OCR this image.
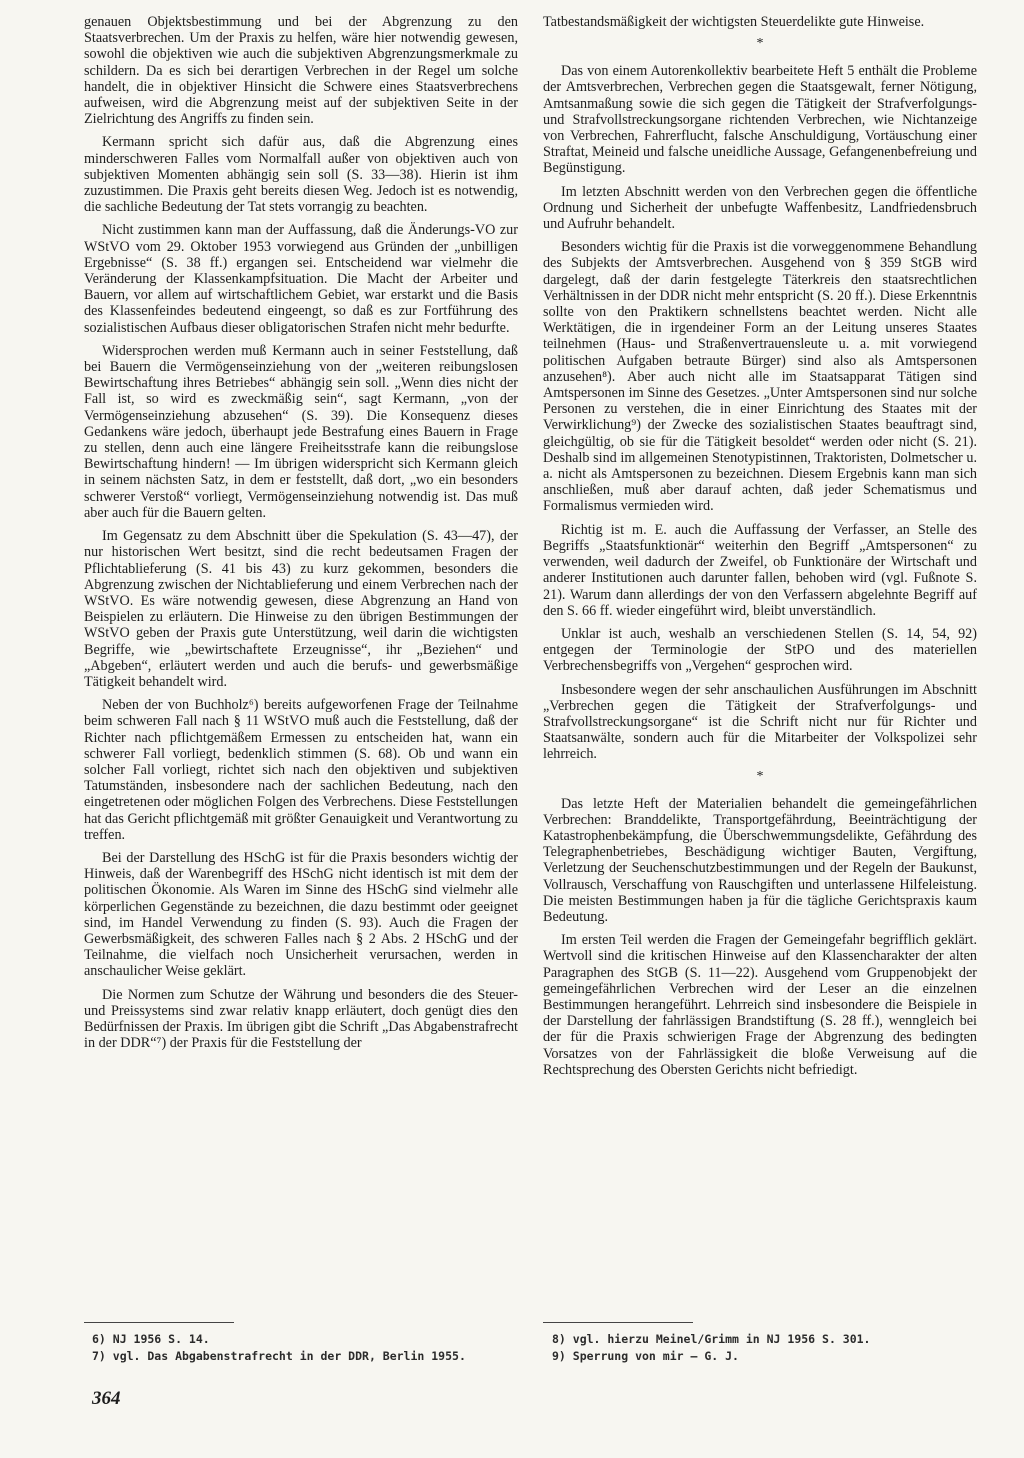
genauen Objektsbestimmung und bei der Abgrenzung zu den Staatsverbrechen. Um der Praxis zu helfen, wäre hier notwendig gewesen, sowohl die objektiven wie auch die subjektiven Abgrenzungsmerkmale zu schildern. Da es sich bei derartigen Verbrechen in der Regel um solche handelt, die in objektiver Hinsicht die Schwere eines Staatsverbrechens aufweisen, wird die Abgrenzung meist auf der subjektiven Seite in der Zielrichtung des Angriffs zu finden sein.

Kermann spricht sich dafür aus, daß die Abgrenzung eines minderschweren Falles vom Normalfall außer von objektiven auch von subjektiven Momenten abhängig sein soll (S. 33—38). Hierin ist ihm zuzustimmen. Die Praxis geht bereits diesen Weg. Jedoch ist es notwendig, die sachliche Bedeutung der Tat stets vorrangig zu beachten.

Nicht zustimmen kann man der Auffassung, daß die Änderungs-VO zur WStVO vom 29. Oktober 1953 vorwiegend aus Gründen der „unbilligen Ergebnisse“ (S. 38 ff.) ergangen sei. Entscheidend war vielmehr die Veränderung der Klassenkampfsituation. Die Macht der Arbeiter und Bauern, vor allem auf wirtschaftlichem Gebiet, war erstarkt und die Basis des Klassenfeindes bedeutend eingeengt, so daß es zur Fortführung des sozialistischen Aufbaus dieser obligatorischen Strafen nicht mehr bedurfte.

Widersprochen werden muß Kermann auch in seiner Feststellung, daß bei Bauern die Vermögenseinziehung von der „weiteren reibungslosen Bewirtschaftung ihres Betriebes“ abhängig sein soll. „Wenn dies nicht der Fall ist, so wird es zweckmäßig sein“, sagt Kermann, „von der Vermögenseinziehung abzusehen“ (S. 39). Die Konsequenz dieses Gedankens wäre jedoch, überhaupt jede Bestrafung eines Bauern in Frage zu stellen, denn auch eine längere Freiheitsstrafe kann die reibungslose Bewirtschaftung hindern! — Im übrigen widerspricht sich Kermann gleich in seinem nächsten Satz, in dem er feststellt, daß dort, „wo ein besonders schwerer Verstoß“ vorliegt, Vermögenseinziehung notwendig ist. Das muß aber auch für die Bauern gelten.

Im Gegensatz zu dem Abschnitt über die Spekulation (S. 43—47), der nur historischen Wert besitzt, sind die recht bedeutsamen Fragen der Pflichtablieferung (S. 41 bis 43) zu kurz gekommen, besonders die Abgrenzung zwischen der Nichtablieferung und einem Verbrechen nach der WStVO. Es wäre notwendig gewesen, diese Abgrenzung an Hand von Beispielen zu erläutern. Die Hinweise zu den übrigen Bestimmungen der WStVO geben der Praxis gute Unterstützung, weil darin die wichtigsten Begriffe, wie „bewirtschaftete Erzeugnisse“, ihr „Beziehen“ und „Abgeben“, erläutert werden und auch die berufs- und gewerbsmäßige Tätigkeit behandelt wird.

Neben der von Buchholz⁶) bereits aufgeworfenen Frage der Teilnahme beim schweren Fall nach § 11 WStVO muß auch die Feststellung, daß der Richter nach pflichtgemäßem Ermessen zu entscheiden hat, wann ein schwerer Fall vorliegt, bedenklich stimmen (S. 68). Ob und wann ein solcher Fall vorliegt, richtet sich nach den objektiven und subjektiven Tatumständen, insbesondere nach der sachlichen Bedeutung, nach den eingetretenen oder möglichen Folgen des Verbrechens. Diese Feststellungen hat das Gericht pflichtgemäß mit größter Genauigkeit und Verantwortung zu treffen.

Bei der Darstellung des HSchG ist für die Praxis besonders wichtig der Hinweis, daß der Warenbegriff des HSchG nicht identisch ist mit dem der politischen Ökonomie. Als Waren im Sinne des HSchG sind vielmehr alle körperlichen Gegenstände zu bezeichnen, die dazu bestimmt oder geeignet sind, im Handel Verwendung zu finden (S. 93). Auch die Fragen der Gewerbsmäßigkeit, des schweren Falles nach § 2 Abs. 2 HSchG und der Teilnahme, die vielfach noch Unsicherheit verursachen, werden in anschaulicher Weise geklärt.

Die Normen zum Schutze der Währung und besonders die des Steuer- und Preissystems sind zwar relativ knapp erläutert, doch genügt dies den Bedürfnissen der Praxis. Im übrigen gibt die Schrift „Das Abgabenstrafrecht in der DDR“⁷) der Praxis für die Feststellung der

Tatbestandsmäßigkeit der wichtigsten Steuerdelikte gute Hinweise.

*

Das von einem Autorenkollektiv bearbeitete Heft 5 enthält die Probleme der Amtsverbrechen, Verbrechen gegen die Staatsgewalt, ferner Nötigung, Amtsanmaßung sowie die sich gegen die Tätigkeit der Strafverfolgungs- und Strafvollstreckungsorgane richtenden Verbrechen, wie Nichtanzeige von Verbrechen, Fahrerflucht, falsche Anschuldigung, Vortäuschung einer Straftat, Meineid und falsche uneidliche Aussage, Gefangenenbefreiung und Begünstigung.

Im letzten Abschnitt werden von den Verbrechen gegen die öffentliche Ordnung und Sicherheit der unbefugte Waffenbesitz, Landfriedensbruch und Aufruhr behandelt.

Besonders wichtig für die Praxis ist die vorweggenommene Behandlung des Subjekts der Amtsverbrechen. Ausgehend von § 359 StGB wird dargelegt, daß der darin festgelegte Täterkreis den staatsrechtlichen Verhältnissen in der DDR nicht mehr entspricht (S. 20 ff.). Diese Erkenntnis sollte von den Praktikern schnellstens beachtet werden. Nicht alle Werktätigen, die in irgendeiner Form an der Leitung unseres Staates teilnehmen (Haus- und Straßenvertrauensleute u. a. mit vorwiegend politischen Aufgaben betraute Bürger) sind also als Amtspersonen anzusehen⁸). Aber auch nicht alle im Staatsapparat Tätigen sind Amtspersonen im Sinne des Gesetzes. „Unter Amtspersonen sind nur solche Personen zu verstehen, die in einer Einrichtung des Staates mit der Verwirklichung⁹) der Zwecke des sozialistischen Staates beauftragt sind, gleichgültig, ob sie für die Tätigkeit besoldet“ werden oder nicht (S. 21). Deshalb sind im allgemeinen Stenotypistinnen, Traktoristen, Dolmetscher u. a. nicht als Amtspersonen zu bezeichnen. Diesem Ergebnis kann man sich anschließen, muß aber darauf achten, daß jeder Schematismus und Formalismus vermieden wird.

Richtig ist m. E. auch die Auffassung der Verfasser, an Stelle des Begriffs „Staatsfunktionär“ weiterhin den Begriff „Amtspersonen“ zu verwenden, weil dadurch der Zweifel, ob Funktionäre der Wirtschaft und anderer Institutionen auch darunter fallen, behoben wird (vgl. Fußnote S. 21). Warum dann allerdings der von den Verfassern abgelehnte Begriff auf den S. 66 ff. wieder eingeführt wird, bleibt unverständlich.

Unklar ist auch, weshalb an verschiedenen Stellen (S. 14, 54, 92) entgegen der Terminologie der StPO und des materiellen Verbrechensbegriffs von „Vergehen“ gesprochen wird.

Insbesondere wegen der sehr anschaulichen Ausführungen im Abschnitt „Verbrechen gegen die Tätigkeit der Strafverfolgungs- und Strafvollstreckungsorgane“ ist die Schrift nicht nur für Richter und Staatsanwälte, sondern auch für die Mitarbeiter der Volkspolizei sehr lehrreich.

*

Das letzte Heft der Materialien behandelt die gemeingefährlichen Verbrechen: Branddelikte, Transportgefährdung, Beeinträchtigung der Katastrophenbekämpfung, die Überschwemmungsdelikte, Gefährdung des Telegraphenbetriebes, Beschädigung wichtiger Bauten, Vergiftung, Verletzung der Seuchenschutzbestimmungen und der Regeln der Baukunst, Vollrausch, Verschaffung von Rauschgiften und unterlassene Hilfeleistung. Die meisten Bestimmungen haben ja für die tägliche Gerichtspraxis kaum Bedeutung.

Im ersten Teil werden die Fragen der Gemeingefahr begrifflich geklärt. Wertvoll sind die kritischen Hinweise auf den Klassencharakter der alten Paragraphen des StGB (S. 11—22). Ausgehend vom Gruppenobjekt der gemeingefährlichen Verbrechen wird der Leser an die einzelnen Bestimmungen herangeführt. Lehrreich sind insbesondere die Beispiele in der Darstellung der fahrlässigen Brandstiftung (S. 28 ff.), wenngleich bei der für die Praxis schwierigen Frage der Abgrenzung des bedingten Vorsatzes von der Fahrlässigkeit die bloße Verweisung auf die Rechtsprechung des Obersten Gerichts nicht befriedigt.

6) NJ 1956 S. 14.

7) vgl. Das Abgabenstrafrecht in der DDR, Berlin 1955.

8) vgl. hierzu Meinel/Grimm in NJ 1956 S. 301.

9) Sperrung von mir — G. J.

364
